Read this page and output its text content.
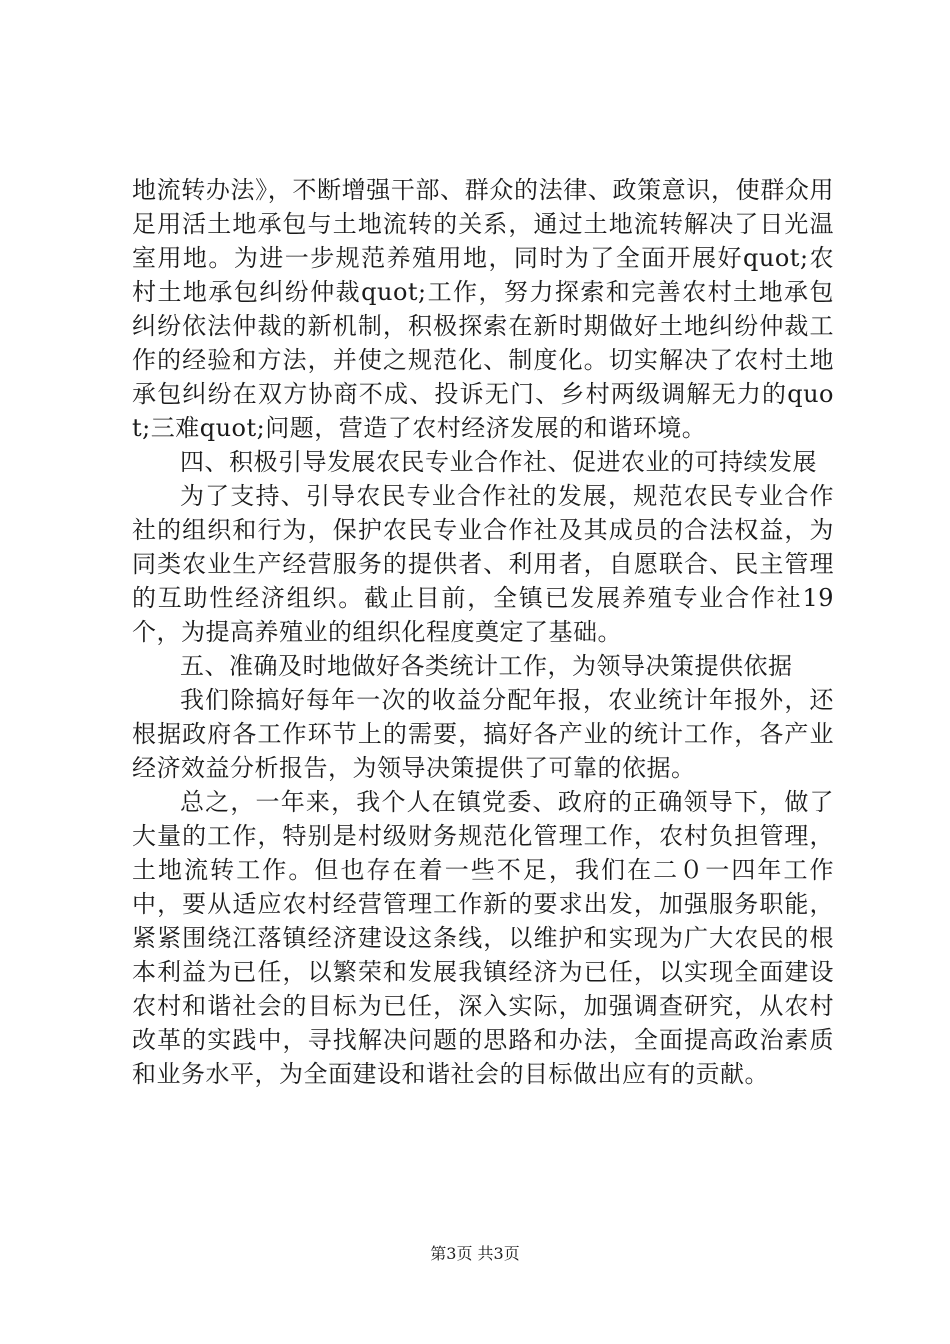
地流转办法》，不断增强干部、群众的法律、政策意识，使群众用足用活土地承包与土地流转的关系，通过土地流转解决了日光温室用地。为进一步规范养殖用地，同时为了全面开展好quot;农村土地承包纠纷仲裁quot;工作，努力探索和完善农村土地承包纠纷依法仲裁的新机制，积极探索在新时期做好土地纠纷仲裁工作的经验和方法，并使之规范化、制度化。切实解决了农村土地承包纠纷在双方协商不成、投诉无门、乡村两级调解无力的quot;三难quot;问题，营造了农村经济发展的和谐环境。

四、积极引导发展农民专业合作社、促进农业的可持续发展

为了支持、引导农民专业合作社的发展，规范农民专业合作社的组织和行为，保护农民专业合作社及其成员的合法权益，为同类农业生产经营服务的提供者、利用者，自愿联合、民主管理的互助性经济组织。截止目前，全镇已发展养殖专业合作社19个，为提高养殖业的组织化程度奠定了基础。

五、准确及时地做好各类统计工作，为领导决策提供依据

我们除搞好每年一次的收益分配年报，农业统计年报外，还根据政府各工作环节上的需要，搞好各产业的统计工作，各产业经济效益分析报告，为领导决策提供了可靠的依据。

总之，一年来，我个人在镇党委、政府的正确领导下，做了大量的工作，特别是村级财务规范化管理工作，农村负担管理，土地流转工作。但也存在着一些不足，我们在二０一四年工作中，要从适应农村经营管理工作新的要求出发，加强服务职能，紧紧围绕江落镇经济建设这条线，以维护和实现为广大农民的根本利益为已任，以繁荣和发展我镇经济为已任，以实现全面建设农村和谐社会的目标为已任，深入实际，加强调查研究，从农村改革的实践中，寻找解决问题的思路和办法，全面提高政治素质和业务水平，为全面建设和谐社会的目标做出应有的贡献。

第3页 共3页
